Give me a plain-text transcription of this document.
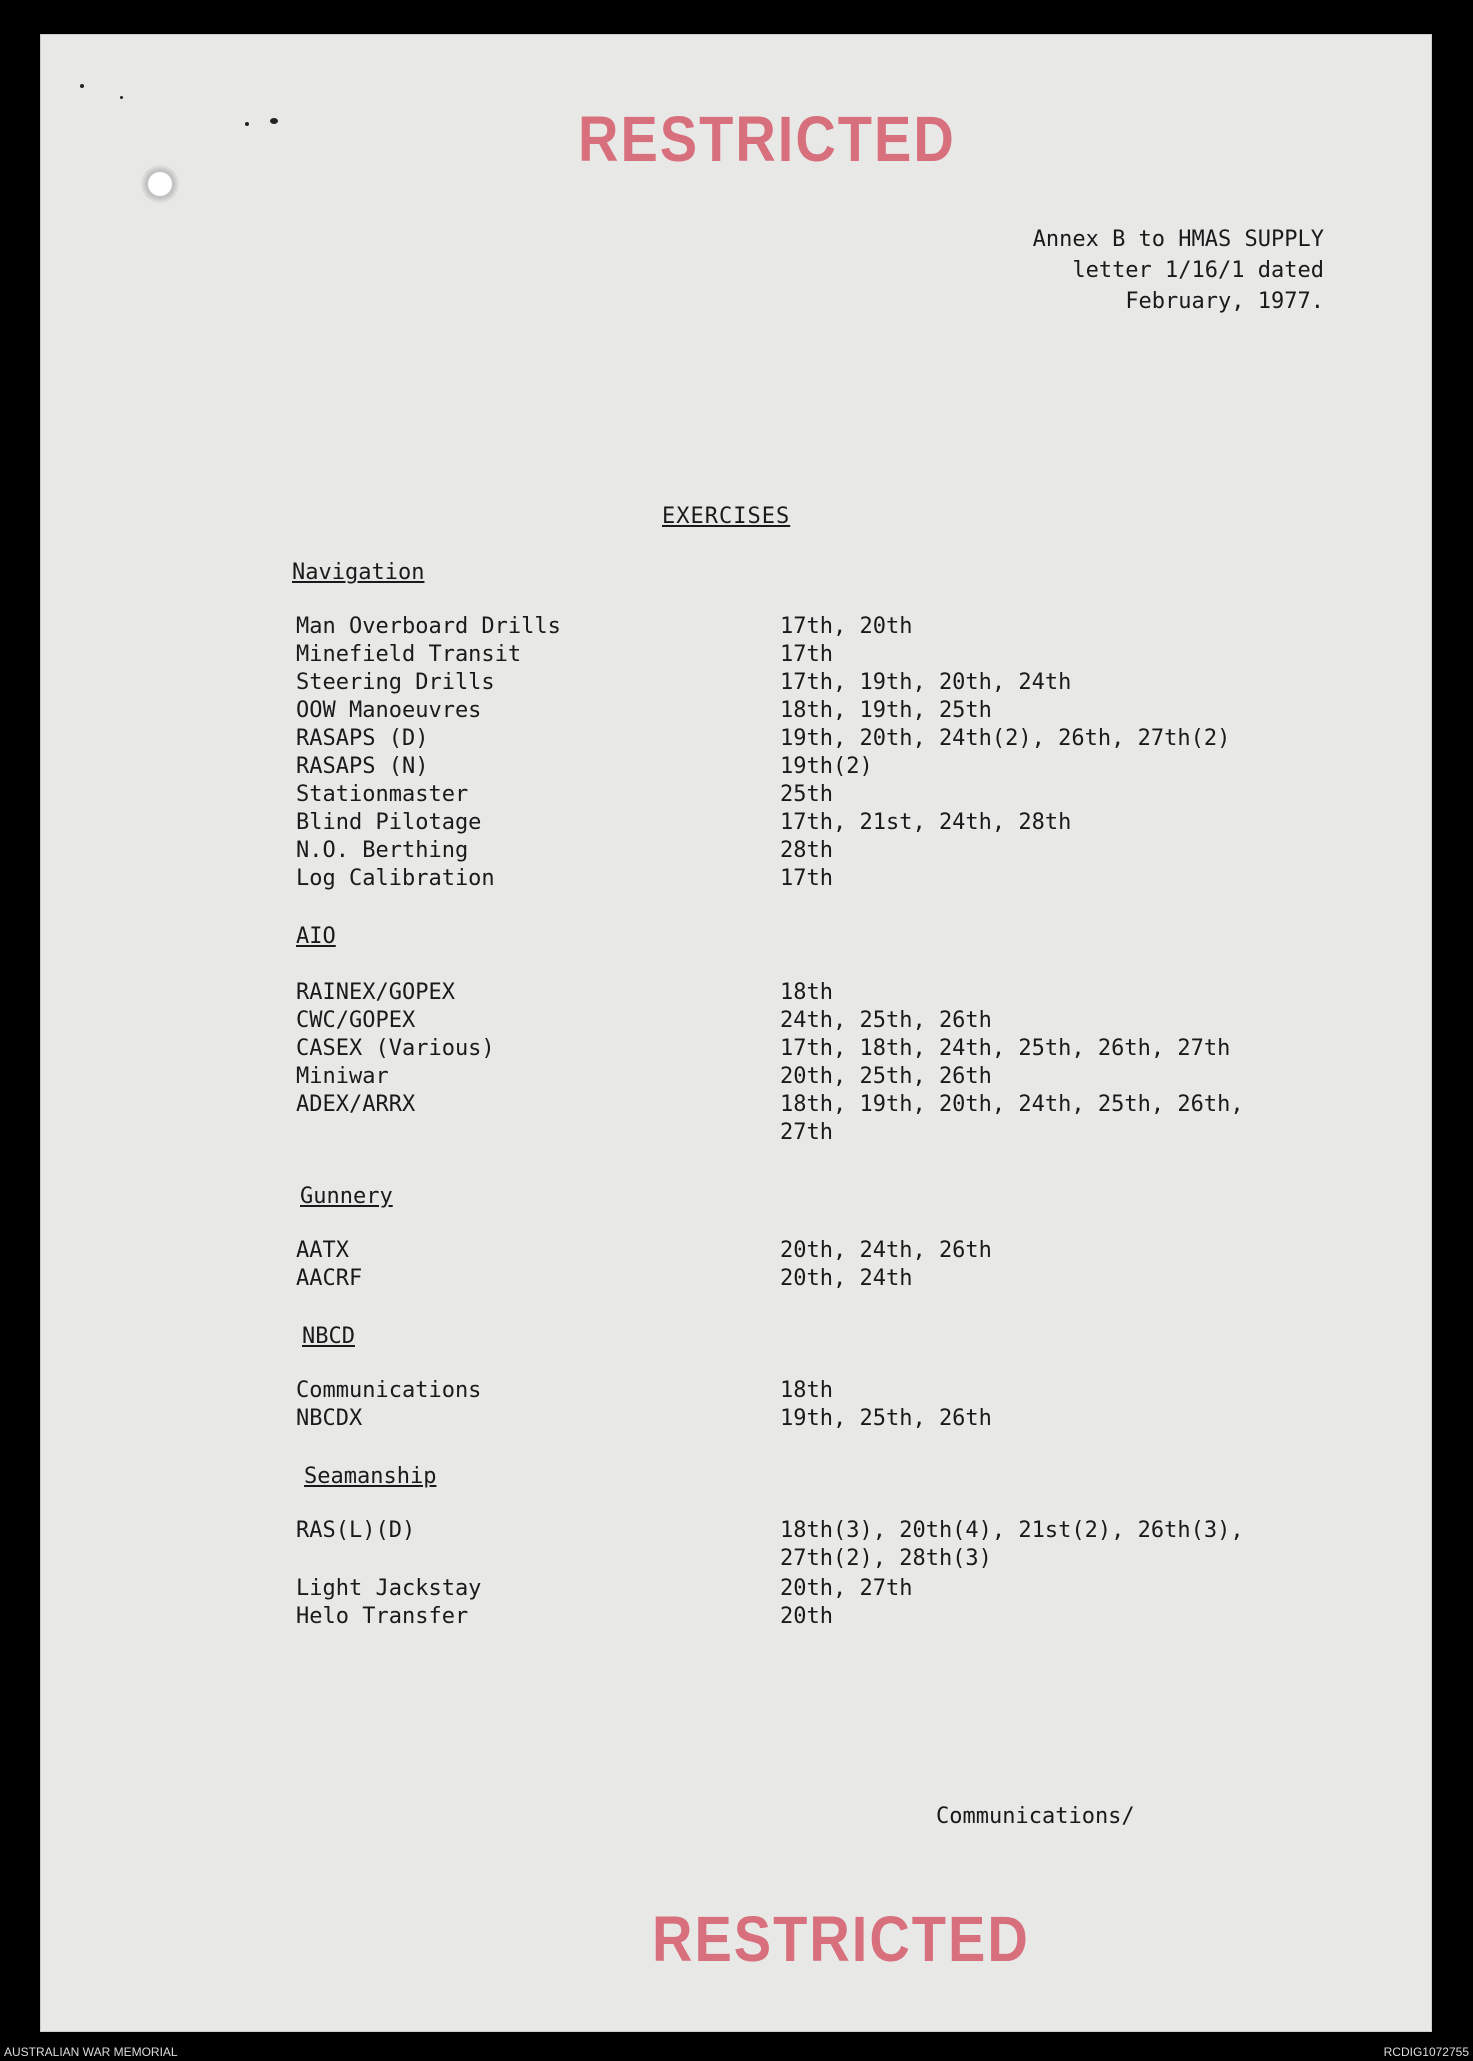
RESTRICTED
Annex B to HMAS SUPPLY
letter 1/16/1 dated
February, 1977.
EXERCISES
Navigation
Man Overboard Drills	17th, 20th
Minefield Transit	17th
Steering Drills	17th, 19th, 20th, 24th
OOW Manoeuvres	18th, 19th, 25th
RASAPS (D)	19th, 20th, 24th(2), 26th, 27th(2)
RASAPS (N)	19th(2)
Stationmaster	25th
Blind Pilotage	17th, 21st, 24th, 28th
N.O. Berthing	28th
Log Calibration	17th
AIO
RAINEX/GOPEX	18th
CWC/GOPEX	24th, 25th, 26th
CASEX (Various)	17th, 18th, 24th, 25th, 26th, 27th
Miniwar	20th, 25th, 26th
ADEX/ARRX	18th, 19th, 20th, 24th, 25th, 26th,
27th
Gunnery
AATX	20th, 24th, 26th
AACRF	20th, 24th
NBCD
Communications	18th
NBCDX	19th, 25th, 26th
Seamanship
RAS(L)(D)	18th(3), 20th(4), 21st(2), 26th(3),
27th(2), 28th(3)
Light Jackstay	20th, 27th
Helo Transfer	20th
Communications/
RESTRICTED
AUSTRALIAN WAR MEMORIAL	RCDIG1072755
